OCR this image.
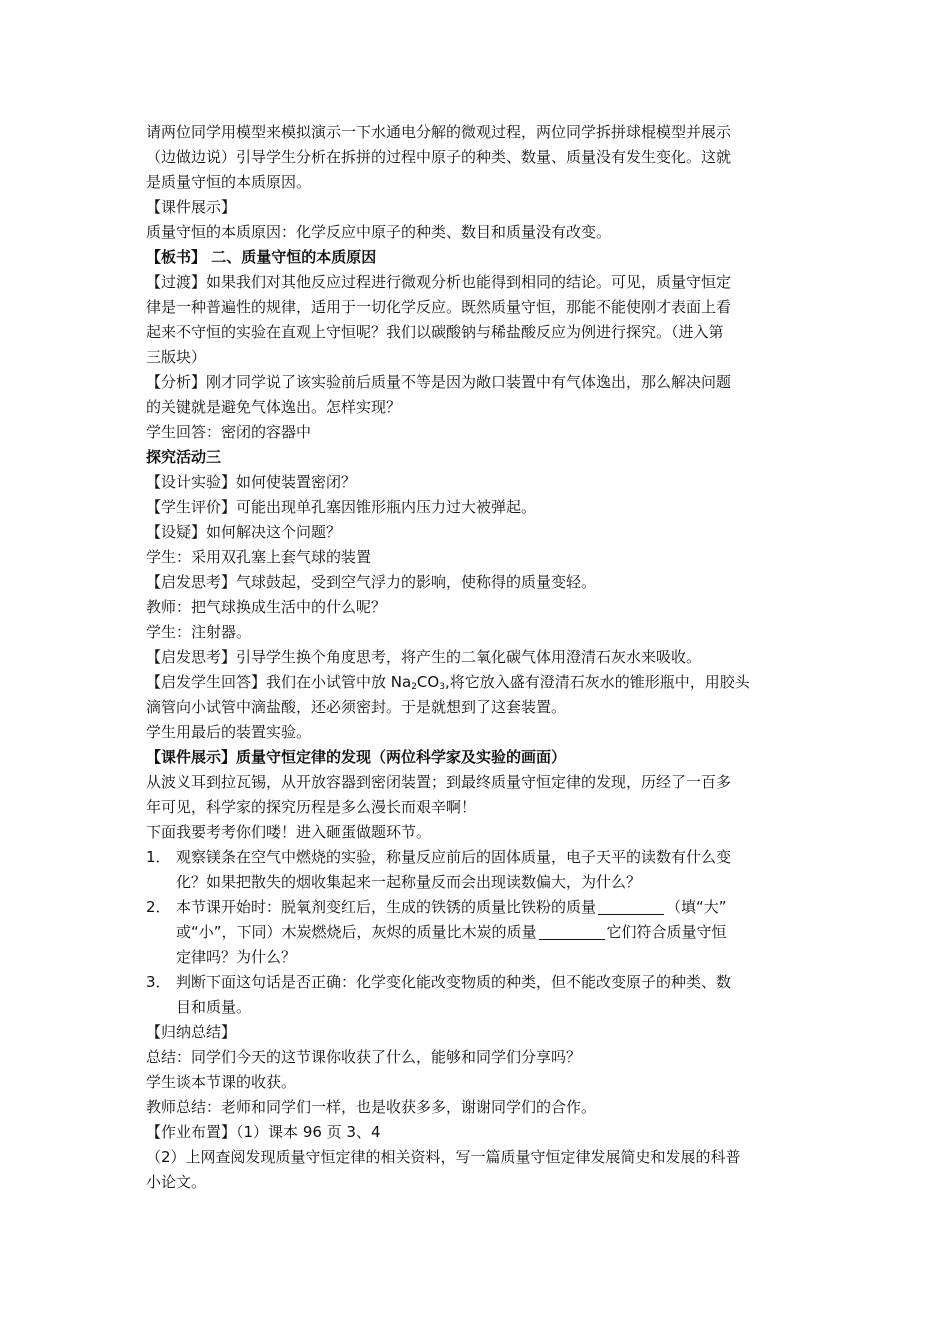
请两位同学用模型来模拟演示一下水通电分解的微观过程，两位同学拆拼球棍模型并展示
（边做边说）引导学生分析在拆拼的过程中原子的种类、数量、质量没有发生变化。这就
是质量守恒的本质原因。
【课件展示】
质量守恒的本质原因：化学反应中原子的种类、数目和质量没有改变。
【板书】 二、质量守恒的本质原因
【过渡】如果我们对其他反应过程进行微观分析也能得到相同的结论。可见，质量守恒定
律是一种普遍性的规律，适用于一切化学反应。既然质量守恒，那能不能使刚才表面上看
起来不守恒的实验在直观上守恒呢？我们以碳酸钠与稀盐酸反应为例进行探究。（进入第
三版块）
【分析】刚才同学说了该实验前后质量不等是因为敞口装置中有气体逸出，那么解决问题
的关键就是避免气体逸出。怎样实现？
学生回答：密闭的容器中
探究活动三
【设计实验】如何使装置密闭？
【学生评价】可能出现单孔塞因锥形瓶内压力过大被弹起。
【设疑】如何解决这个问题？
学生：采用双孔塞上套气球的装置
【启发思考】气球鼓起，受到空气浮力的影响，使称得的质量变轻。
教师：把气球换成生活中的什么呢？
学生：注射器。
【启发思考】引导学生换个角度思考，将产生的二氧化碳气体用澄清石灰水来吸收。
【启发学生回答】我们在小试管中放 $Na_2CO_3$,将它放入盛有澄清石灰水的锥形瓶中，用胶头
滴管向小试管中滴盐酸，还必须密封。于是就想到了这套装置。
学生用最后的装置实验。
【课件展示】质量守恒定律的发现（两位科学家及实验的画面）
从波义耳到拉瓦锡，从开放容器到密闭装置；到最终质量守恒定律的发现，历经了一百多
年可见，科学家的探究历程是多么漫长而艰辛啊！
下面我要考考你们喽！进入砸蛋做题环节。
1． 观察镁条在空气中燃烧的实验，称量反应前后的固体质量，电子天平的读数有什么变
化？如果把散失的烟收集起来一起称量反而会出现读数偏大，为什么？
2． 本节课开始时：脱氧剂变红后，生成的铁锈的质量比铁粉的质量	（填“大”
或“小”，下同）木炭燃烧后，灰烬的质量比木炭的质量	它们符合质量守恒
定律吗？为什么？
3． 判断下面这句话是否正确：化学变化能改变物质的种类，但不能改变原子的种类、数
目和质量。
【归纳总结】
总结：同学们今天的这节课你收获了什么，能够和同学们分享吗？
学生谈本节课的收获。
教师总结：老师和同学们一样，也是收获多多，谢谢同学们的合作。
【作业布置】（1）课本 96 页 3、4
（2）上网查阅发现质量守恒定律的相关资料，写一篇质量守恒定律发展简史和发展的科普
小论文。
